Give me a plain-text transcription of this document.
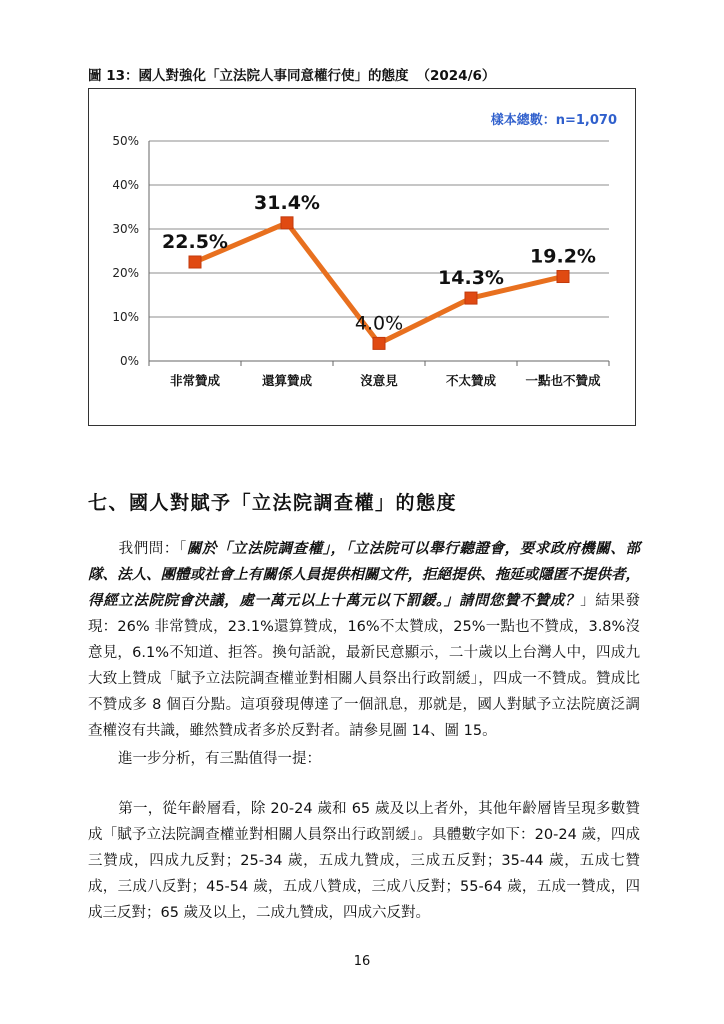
圖 13：國人對強化「立法院人事同意權行使」的態度 （2024/6）
樣本總數：n=1,070
0%
10%
20%
30%
40%
50%
非常贊成	還算贊成	沒意見	不太贊成 一點也不贊成
22.5%
31.4%
4.0%
14.3%
19.2%
七、國人對賦予「立法院調查權」的態度
我們問：「關於「立法院調查權」，「立法院可以舉行聽證會，要求政府機關、部隊、法人、團體或社會上有關係人員提供相關文件，拒絕提供、拖延或隱匿不提供者，得經立法院院會決議，處一萬元以上十萬元以下罰鍰。」請問您贊不贊成？」結果發現：26% 非常贊成，23.1%還算贊成，16%不太贊成，25%一點也不贊成，3.8%沒意見，6.1%不知道、拒答。換句話說，最新民意顯示，二十歲以上台灣人中，四成九大致上贊成「賦予立法院調查權並對相關人員祭出行政罰緩」，四成一不贊成。贊成比不贊成多 8 個百分點。這項發現傳達了一個訊息，那就是，國人對賦予立法院廣泛調查權沒有共識，雖然贊成者多於反對者。請參見圖 14、圖 15。
進一步分析，有三點值得一提：
第一，從年齡層看，除 20-24 歲和 65 歲及以上者外，其他年齡層皆呈現多數贊成「賦予立法院調查權並對相關人員祭出行政罰緩」。具體數字如下：20-24 歲，四成三贊成，四成九反對；25-34 歲，五成九贊成，三成五反對；35-44 歲，五成七贊成，三成八反對；45-54 歲，五成八贊成，三成八反對；55-64 歲，五成一贊成，四成三反對；65 歲及以上，二成九贊成，四成六反對。
16
